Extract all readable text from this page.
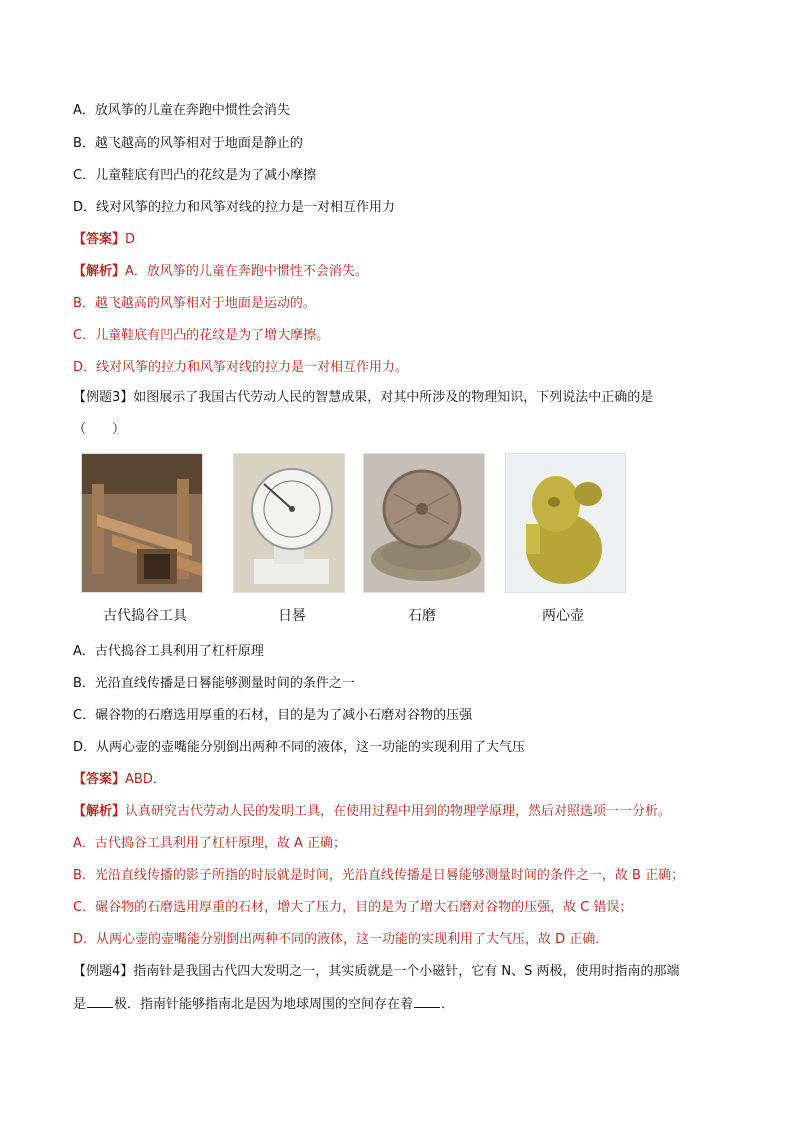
A．放风筝的儿童在奔跑中惯性会消失
B．越飞越高的风筝相对于地面是静止的
C．儿童鞋底有凹凸的花纹是为了减小摩擦
D．线对风筝的拉力和风筝对线的拉力是一对相互作用力
【答案】D
【解析】A．放风筝的儿童在奔跑中惯性不会消失。
B．越飞越高的风筝相对于地面是运动的。
C．儿童鞋底有凹凸的花纹是为了增大摩擦。
D．线对风筝的拉力和风筝对线的拉力是一对相互作用力。
【例题3】如图展示了我国古代劳动人民的智慧成果，对其中所涉及的物理知识，下列说法中正确的是
（　　）
古代捣谷工具	日晷	石磨	两心壶
A．古代捣谷工具利用了杠杆原理
B．光沿直线传播是日晷能够测量时间的条件之一
C．碾谷物的石磨选用厚重的石材，目的是为了减小石磨对谷物的压强
D．从两心壶的壶嘴能分别倒出两种不同的液体，这一功能的实现利用了大气压
【答案】ABD．
【解析】认真研究古代劳动人民的发明工具，在使用过程中用到的物理学原理，然后对照选项一一分析。
A．古代捣谷工具利用了杠杆原理，故 A 正确；
B．光沿直线传播的影子所指的时辰就是时间，光沿直线传播是日晷能够测量时间的条件之一，故 B 正确；
C．碾谷物的石磨选用厚重的石材，增大了压力，目的是为了增大石磨对谷物的压强，故 C 错误；
D．从两心壶的壶嘴能分别倒出两种不同的液体，这一功能的实现利用了大气压，故 D 正确．
【例题4】指南针是我国古代四大发明之一，其实质就是一个小磁针，它有 N、S 两极，使用时指南的那端
是 极．指南针能够指南北是因为地球周围的空间存在着 ．
